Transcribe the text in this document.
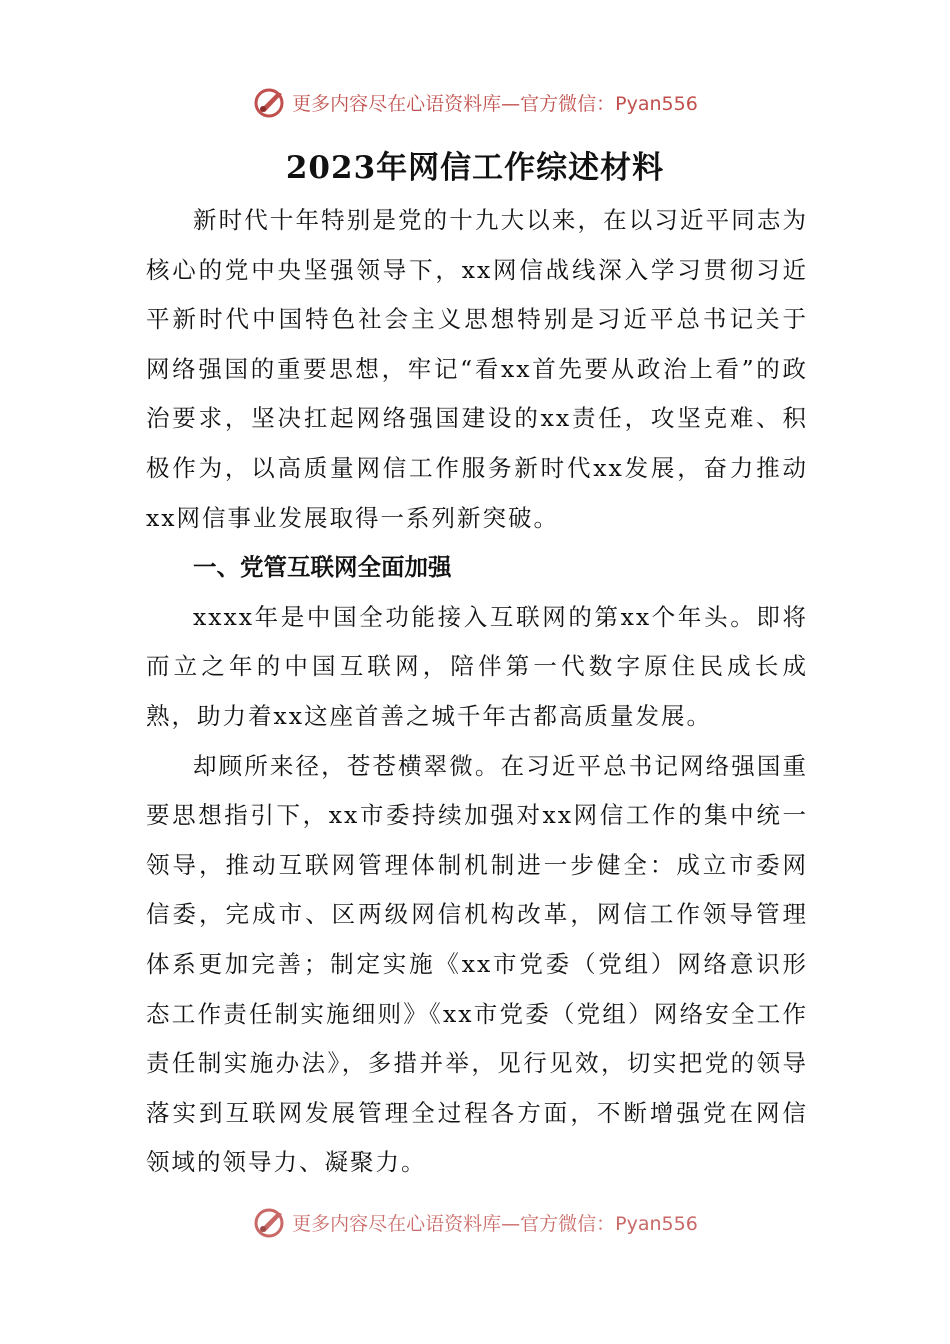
更多内容尽在心语资料库—官方微信：Pyan556
2023年网信工作综述材料

新时代十年特别是党的十九大以来，在以习近平同志为核心的党中央坚强领导下，xx网信战线深入学习贯彻习近平新时代中国特色社会主义思想特别是习近平总书记关于网络强国的重要思想，牢记“看xx首先要从政治上看”的政治要求，坚决扛起网络强国建设的xx责任，攻坚克难、积极作为，以高质量网信工作服务新时代xx发展，奋力推动xx网信事业发展取得一系列新突破。

一、党管互联网全面加强

xxxx年是中国全功能接入互联网的第xx个年头。即将而立之年的中国互联网，陪伴第一代数字原住民成长成熟，助力着xx这座首善之城千年古都高质量发展。

却顾所来径，苍苍横翠微。在习近平总书记网络强国重要思想指引下，xx市委持续加强对xx网信工作的集中统一领导，推动互联网管理体制机制进一步健全：成立市委网信委，完成市、区两级网信机构改革，网信工作领导管理体系更加完善；制定实施《xx市党委（党组）网络意识形态工作责任制实施细则》《xx市党委（党组）网络安全工作责任制实施办法》，多措并举，见行见效，切实把党的领导落实到互联网发展管理全过程各方面，不断增强党在网信领域的领导力、凝聚力。

更多内容尽在心语资料库—官方微信：Pyan556
